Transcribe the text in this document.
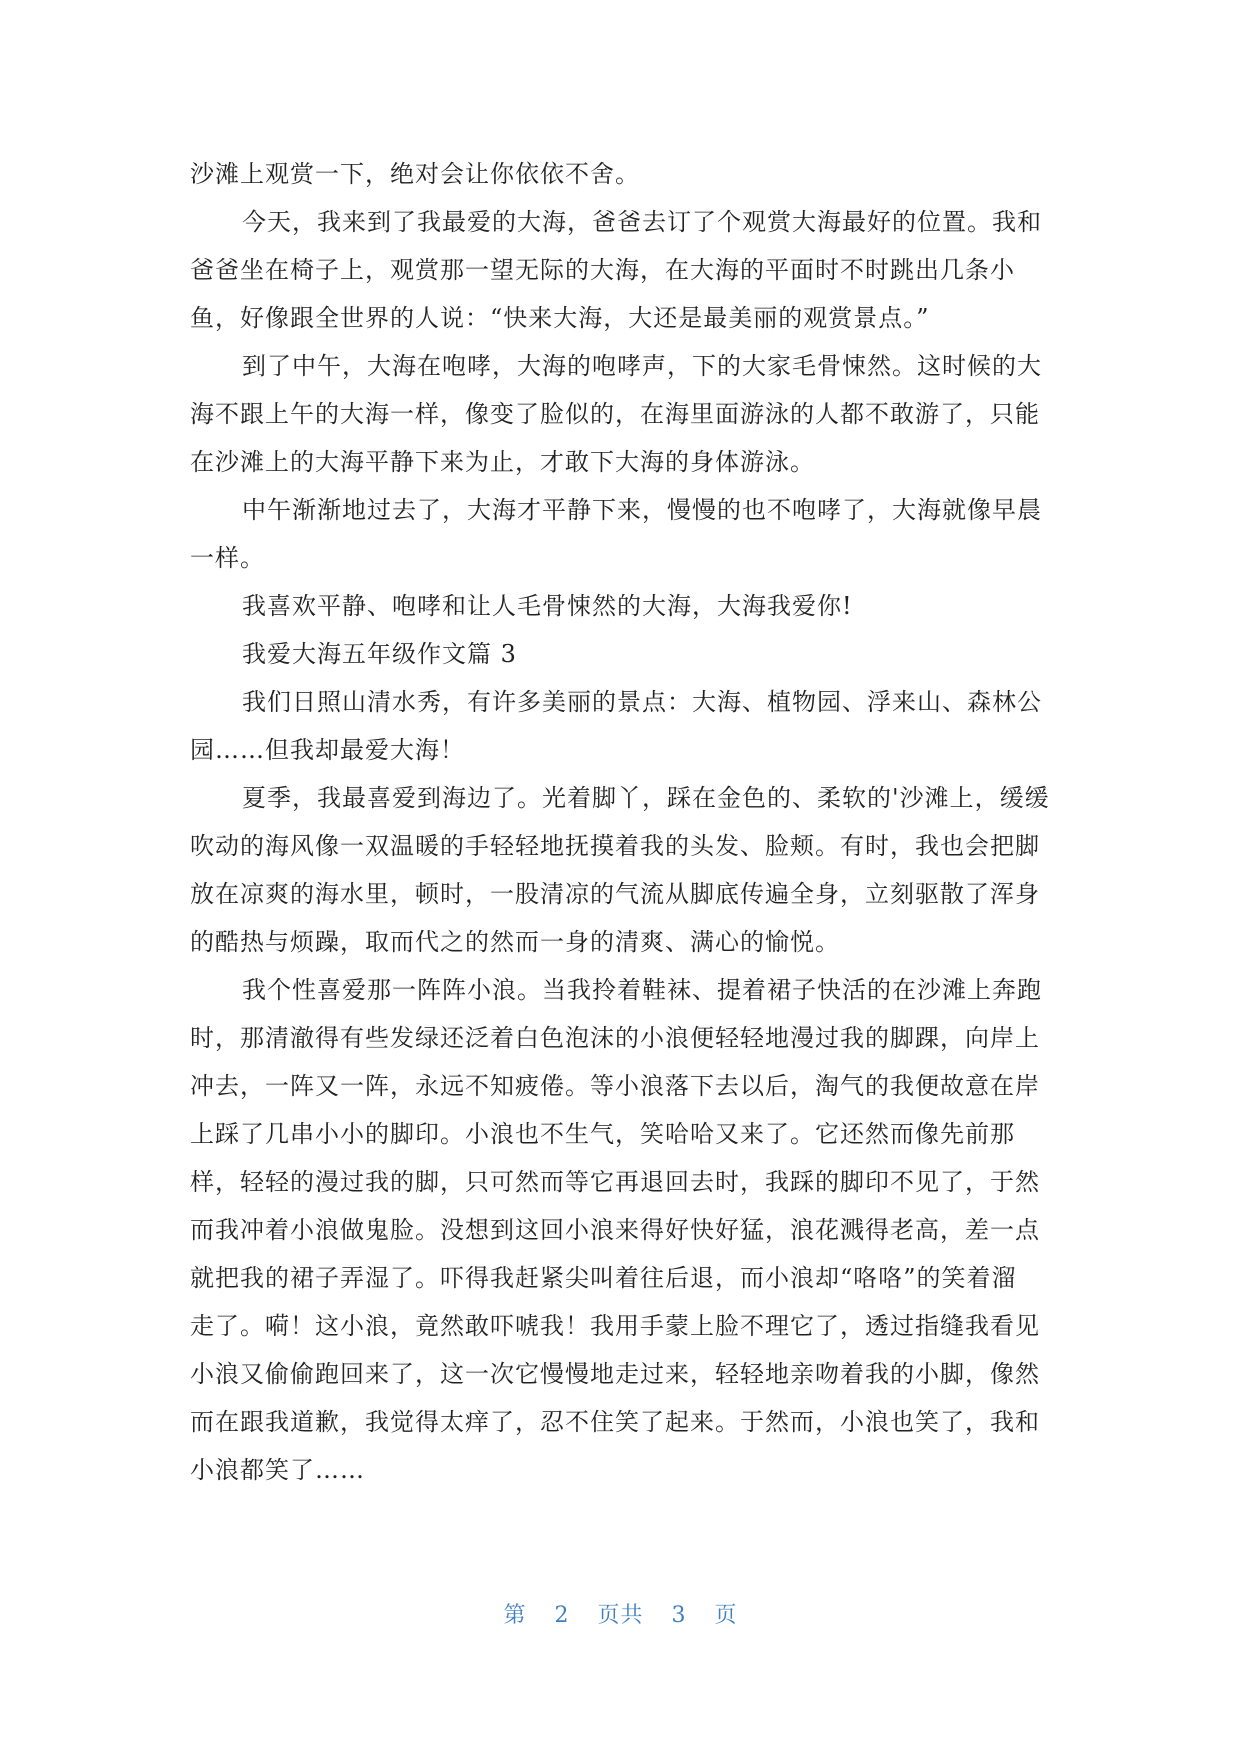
沙滩上观赏一下，绝对会让你依依不舍。
今天，我来到了我最爱的大海，爸爸去订了个观赏大海最好的位置。我和
爸爸坐在椅子上，观赏那一望无际的大海，在大海的平面时不时跳出几条小
鱼，好像跟全世界的人说：“快来大海，大还是最美丽的观赏景点。”
到了中午，大海在咆哮，大海的咆哮声，下的大家毛骨悚然。这时候的大
海不跟上午的大海一样，像变了脸似的，在海里面游泳的人都不敢游了，只能
在沙滩上的大海平静下来为止，才敢下大海的身体游泳。
中午渐渐地过去了，大海才平静下来，慢慢的也不咆哮了，大海就像早晨
一样。
我喜欢平静、咆哮和让人毛骨悚然的大海，大海我爱你!
我爱大海五年级作文篇 3
我们日照山清水秀，有许多美丽的景点：大海、植物园、浮来山、森林公
园……但我却最爱大海！
夏季，我最喜爱到海边了。光着脚丫，踩在金色的、柔软的'沙滩上，缓缓
吹动的海风像一双温暖的手轻轻地抚摸着我的头发、脸颊。有时，我也会把脚
放在凉爽的海水里，顿时，一股清凉的气流从脚底传遍全身，立刻驱散了浑身
的酷热与烦躁，取而代之的然而一身的清爽、满心的愉悦。
我个性喜爱那一阵阵小浪。当我拎着鞋袜、提着裙子快活的在沙滩上奔跑
时，那清澈得有些发绿还泛着白色泡沫的小浪便轻轻地漫过我的脚踝，向岸上
冲去，一阵又一阵，永远不知疲倦。等小浪落下去以后，淘气的我便故意在岸
上踩了几串小小的脚印。小浪也不生气，笑哈哈又来了。它还然而像先前那
样，轻轻的漫过我的脚，只可然而等它再退回去时，我踩的脚印不见了，于然
而我冲着小浪做鬼脸。没想到这回小浪来得好快好猛，浪花溅得老高，差一点
就把我的裙子弄湿了。吓得我赶紧尖叫着往后退，而小浪却“咯咯”的笑着溜
走了。嗬！这小浪，竟然敢吓唬我！我用手蒙上脸不理它了，透过指缝我看见
小浪又偷偷跑回来了，这一次它慢慢地走过来，轻轻地亲吻着我的小脚，像然
而在跟我道歉，我觉得太痒了，忍不住笑了起来。于然而，小浪也笑了，我和
小浪都笑了……
第 2 页共 3 页
